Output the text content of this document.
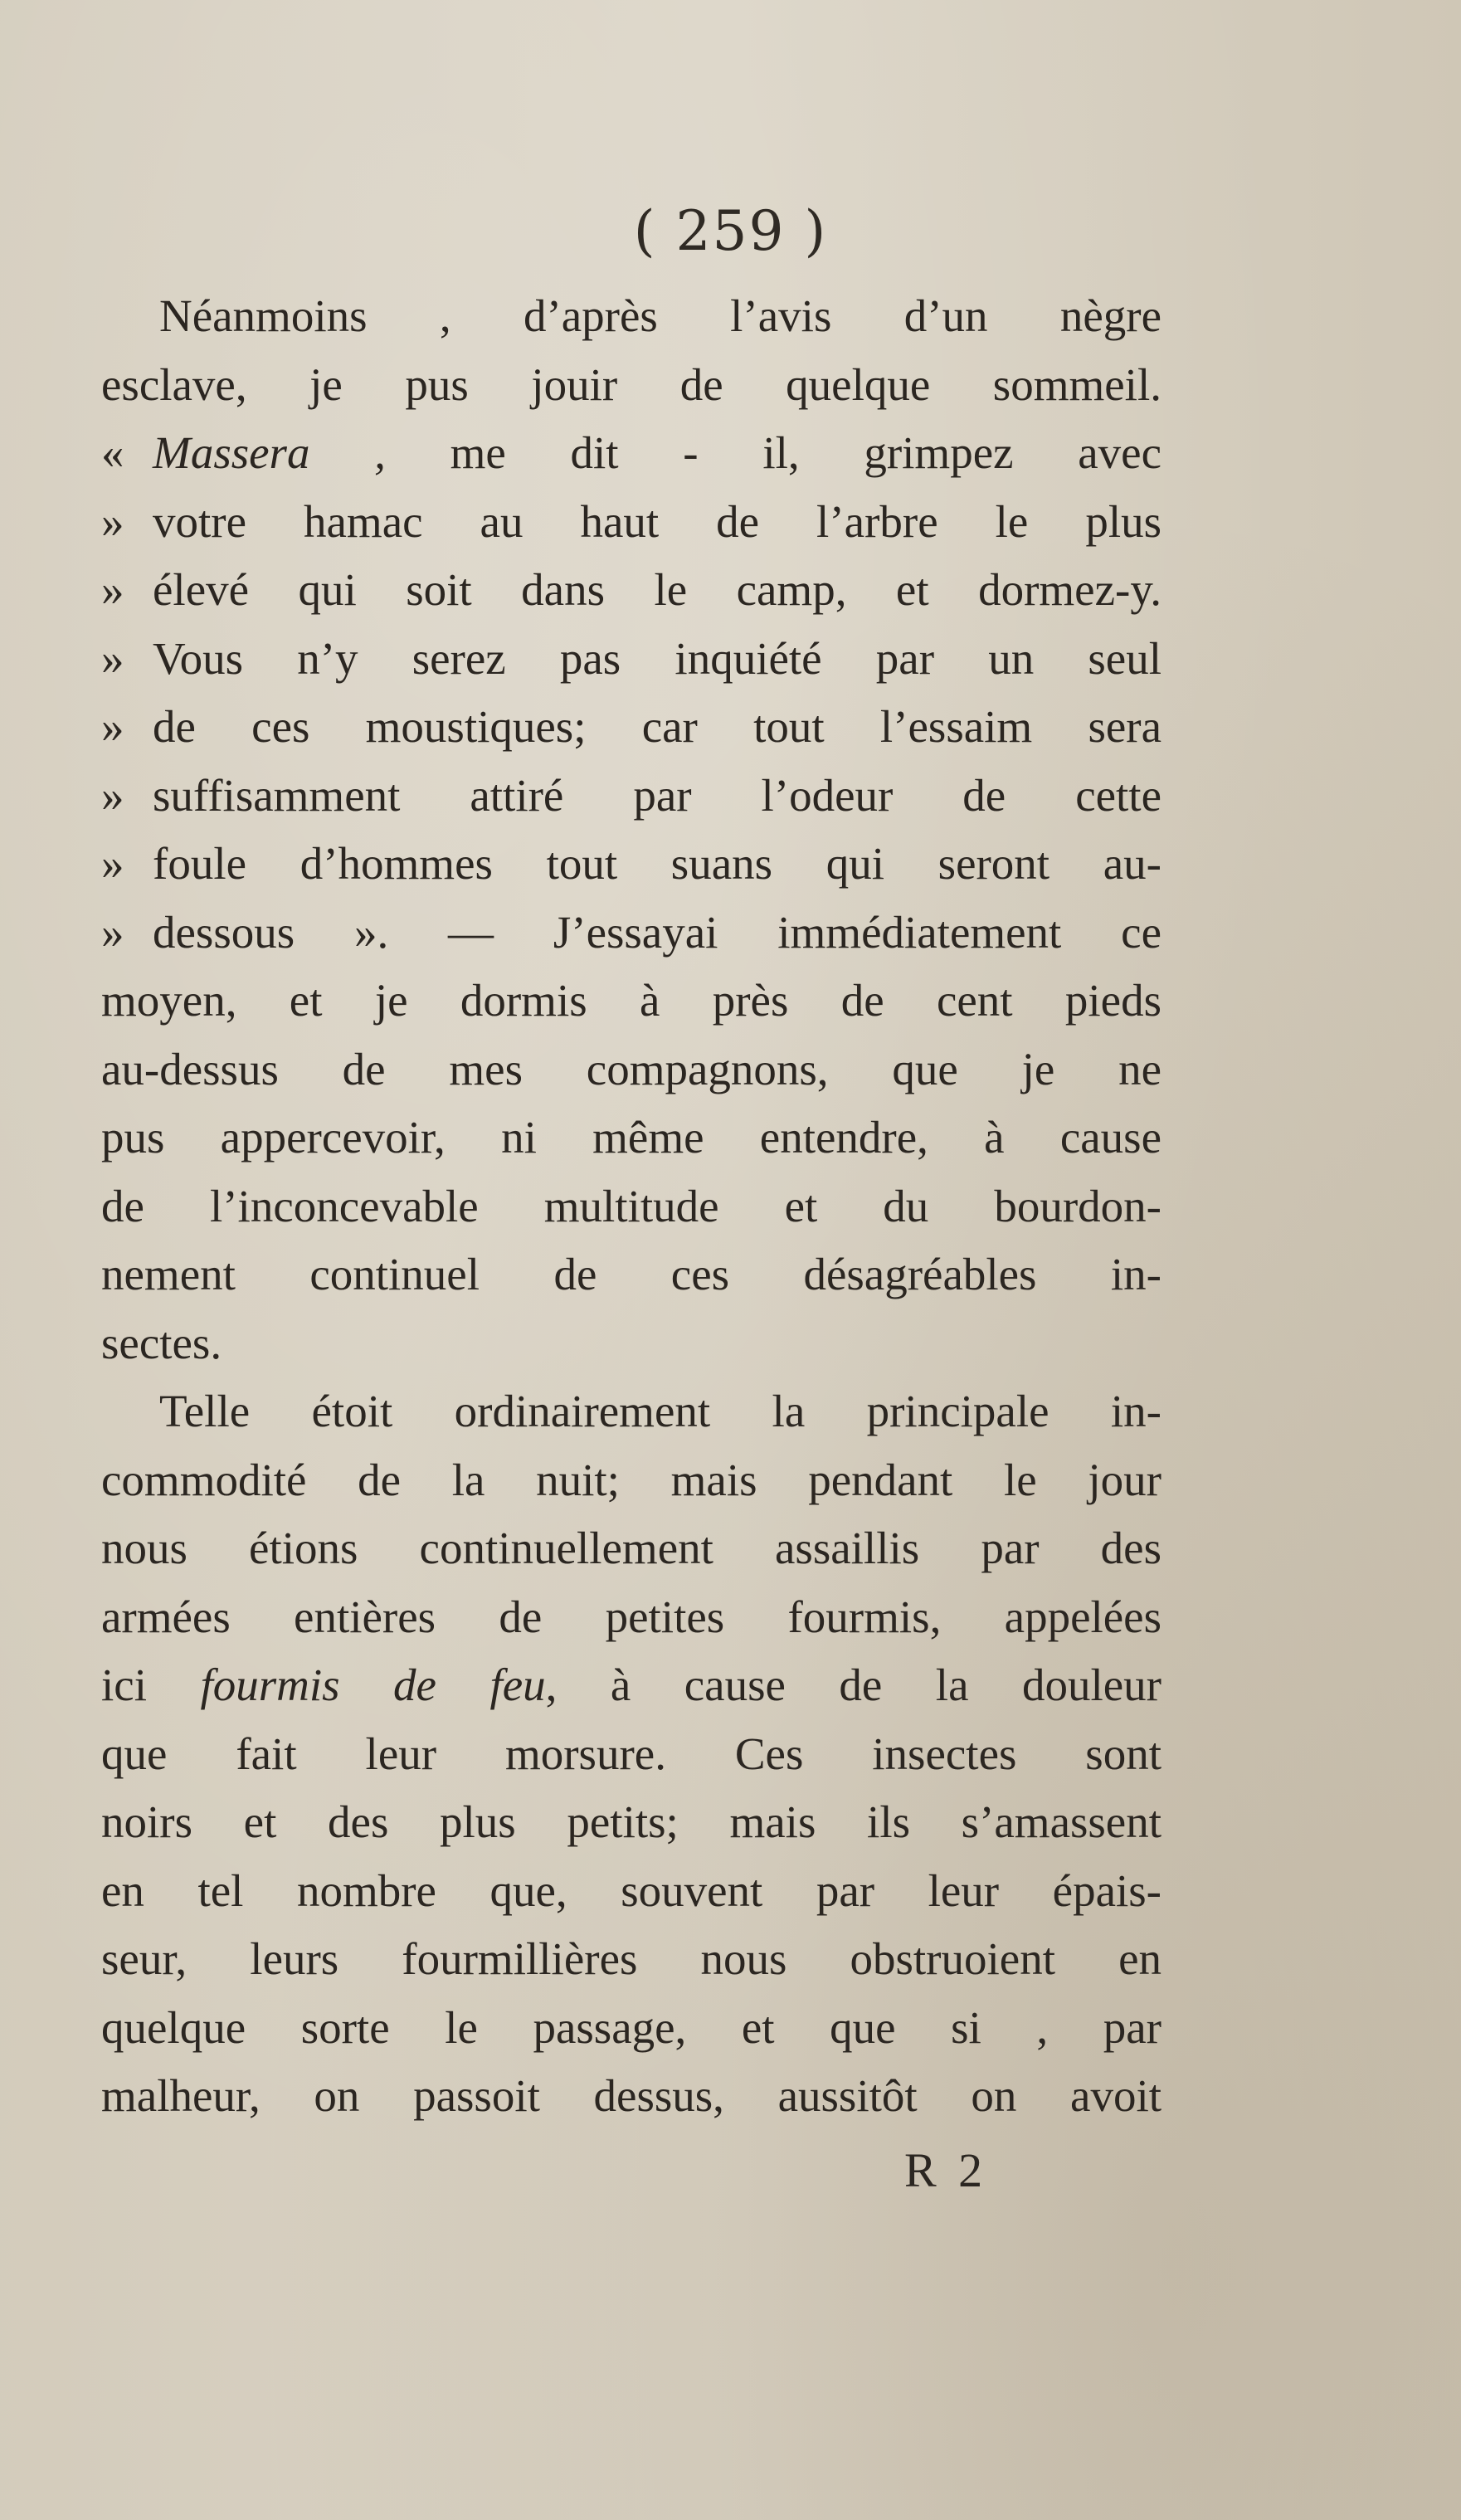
( 259 )
Néanmoins , d’après l’avis d’un nègre
esclave, je pus jouir de quelque sommeil.
« Massera , me dit - il, grimpez avec
» votre hamac au haut de l’arbre le plus
» élevé qui soit dans le camp, et dormez-y.
» Vous n’y serez pas inquiété par un seul
» de ces moustiques; car tout l’essaim sera
» suffisamment attiré par l’odeur de cette
» foule d’hommes tout suans qui seront au-
» dessous ». — J’essayai immédiatement ce
moyen, et je dormis à près de cent pieds
au-dessus de mes compagnons, que je ne
pus appercevoir, ni même entendre, à cause
de l’inconcevable multitude et du bourdon-
nement continuel de ces désagréables in-
sectes.
Telle étoit ordinairement la principale in-
commodité de la nuit; mais pendant le jour
nous étions continuellement assaillis par des
armées entières de petites fourmis, appelées
ici fourmis de feu, à cause de la douleur
que fait leur morsure. Ces insectes sont
noirs et des plus petits; mais ils s’amassent
en tel nombre que, souvent par leur épais-
seur, leurs fourmillières nous obstruoient en
quelque sorte le passage, et que si , par
malheur, on passoit dessus, aussitôt on avoit
R 2
